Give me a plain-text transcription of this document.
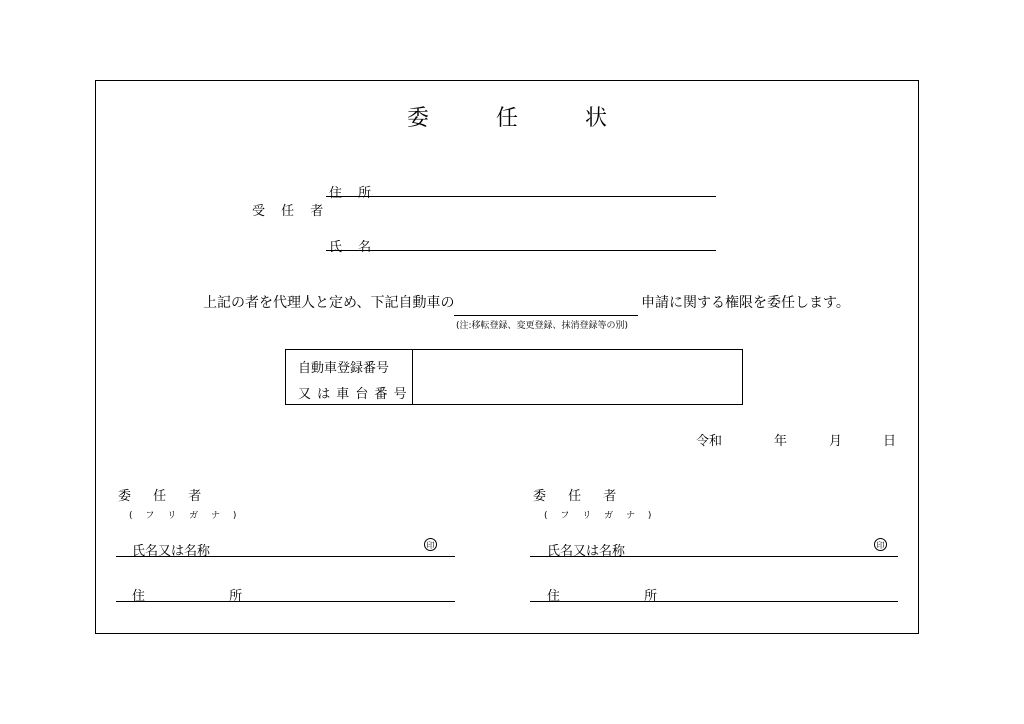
委 任 状
受 任 者
住 所
氏 名
上記の者を代理人と定め、下記自動車の
(注:移転登録、変更登録、抹消登録等の別)
申請に関する権限を委任します。
自動車登録番号
又 は 車 台 番 号
令和	年	月	日
委 任 者
( フ リ ガ ナ )
氏名又は名称	印
住 所
委 任 者
( フ リ ガ ナ )
氏名又は名称	印
住 所
